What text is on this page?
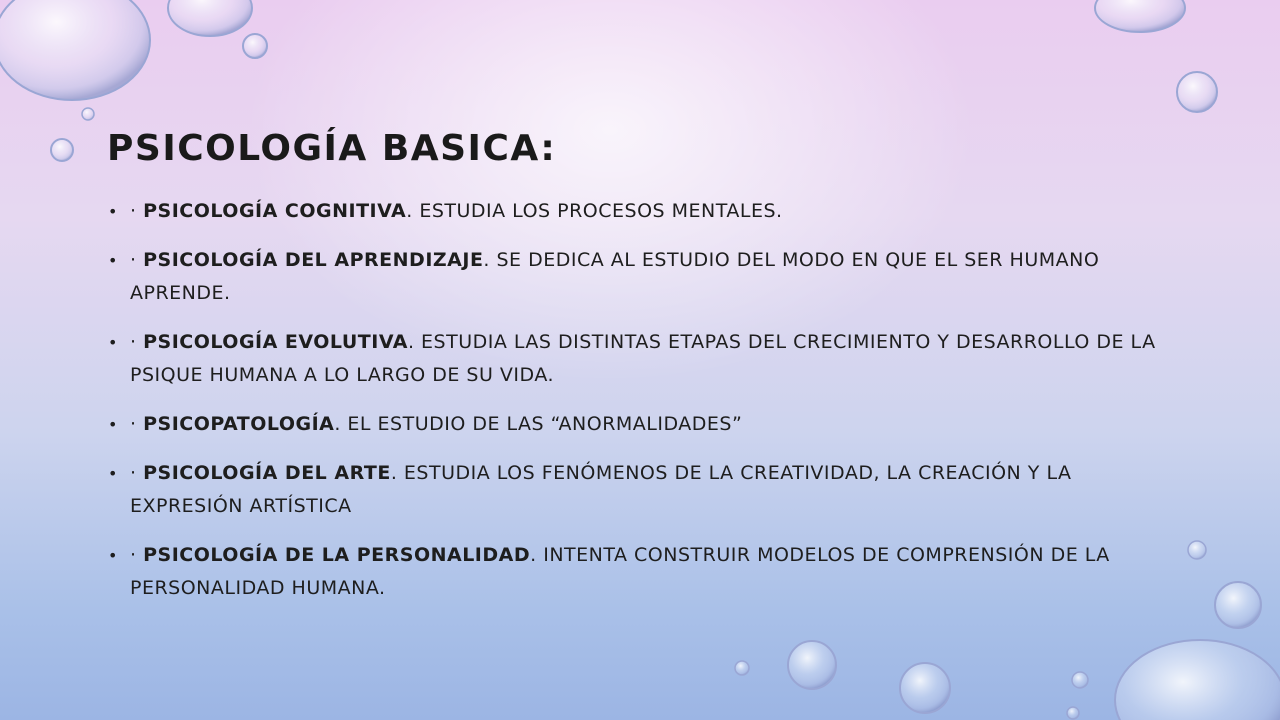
PSICOLOGÍA BASICA:
• · PSICOLOGÍA COGNITIVA. ESTUDIA LOS PROCESOS MENTALES.
• · PSICOLOGÍA DEL APRENDIZAJE. SE DEDICA AL ESTUDIO DEL MODO EN QUE EL SER HUMANO APRENDE.
• · PSICOLOGÍA EVOLUTIVA. ESTUDIA LAS DISTINTAS ETAPAS DEL CRECIMIENTO Y DESARROLLO DE LA PSIQUE HUMANA A LO LARGO DE SU VIDA.
• · PSICOPATOLOGÍA. EL ESTUDIO DE LAS “ANORMALIDADES”
• · PSICOLOGÍA DEL ARTE. ESTUDIA LOS FENÓMENOS DE LA CREATIVIDAD, LA CREACIÓN Y LA EXPRESIÓN ARTÍSTICA
• · PSICOLOGÍA DE LA PERSONALIDAD. INTENTA CONSTRUIR MODELOS DE COMPRENSIÓN DE LA PERSONALIDAD HUMANA.
